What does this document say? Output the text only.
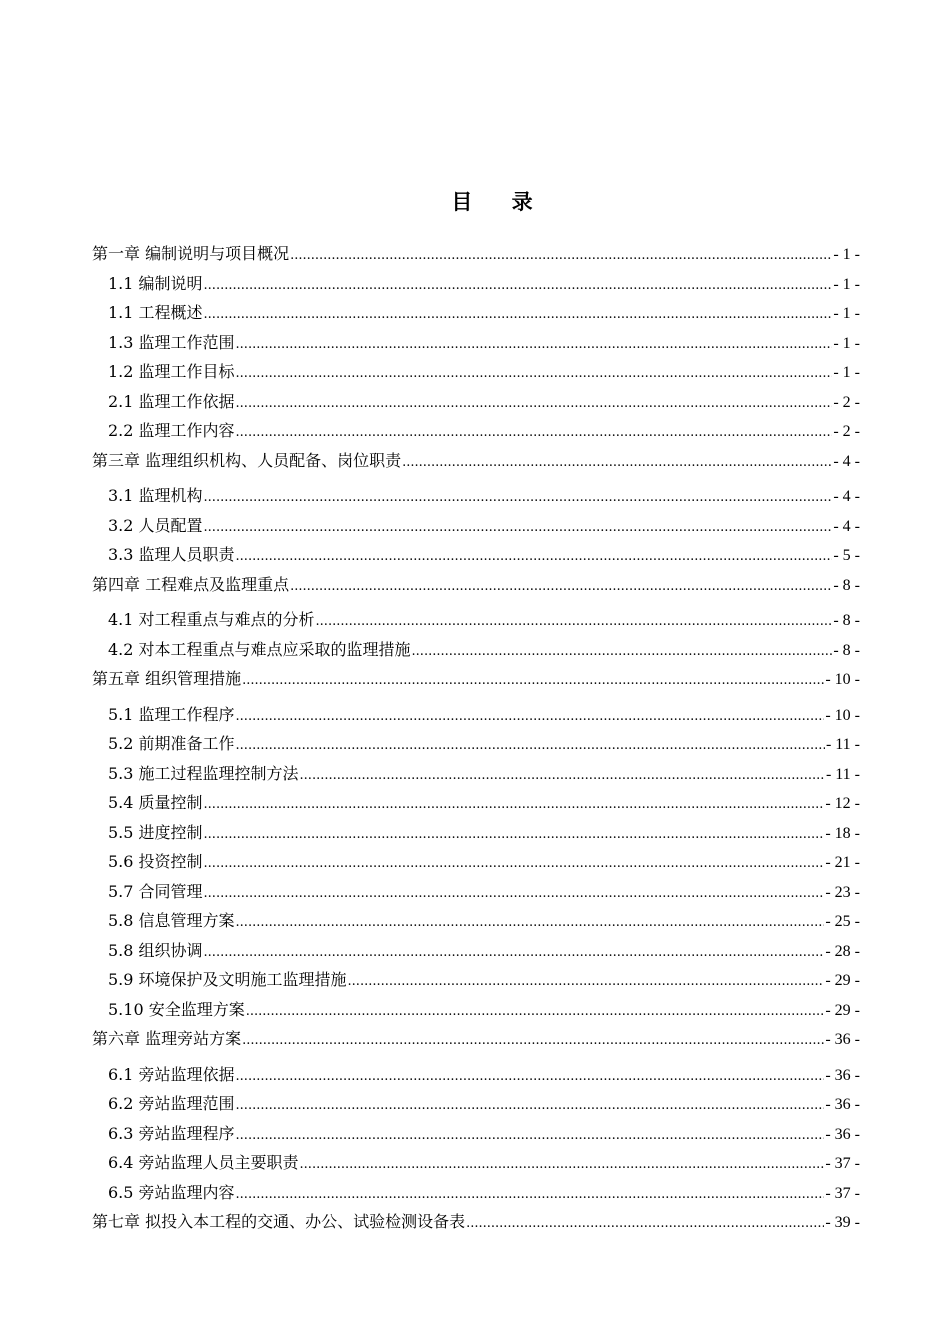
目 录
第一章 编制说明与项目概况 .....	- 1 -
1.1 编制说明 .....	- 1 -
1.1 工程概述 .....	- 1 -
1.3 监理工作范围 .....	- 1 -
1.2 监理工作目标 .....	- 1 -
2.1 监理工作依据 .....	- 2 -
2.2 监理工作内容 .....	- 2 -
第三章 监理组织机构、人员配备、岗位职责 .....	- 4 -
3.1 监理机构 .....	- 4 -
3.2 人员配置 .....	- 4 -
3.3 监理人员职责 .....	- 5 -
第四章 工程难点及监理重点 .....	- 8 -
4.1 对工程重点与难点的分析 .....	- 8 -
4.2 对本工程重点与难点应采取的监理措施 .....	- 8 -
第五章 组织管理措施 .....	- 10 -
5.1 监理工作程序 .....	- 10 -
5.2 前期准备工作 .....	- 11 -
5.3 施工过程监理控制方法 .....	- 11 -
5.4 质量控制 .....	- 12 -
5.5 进度控制 .....	- 18 -
5.6 投资控制 .....	- 21 -
5.7 合同管理 .....	- 23 -
5.8 信息管理方案 .....	- 25 -
5.8 组织协调 .....	- 28 -
5.9 环境保护及文明施工监理措施 .....	- 29 -
5.10 安全监理方案 .....	- 29 -
第六章 监理旁站方案 .....	- 36 -
6.1 旁站监理依据 .....	- 36 -
6.2 旁站监理范围 .....	- 36 -
6.3 旁站监理程序 .....	- 36 -
6.4 旁站监理人员主要职责 .....	- 37 -
6.5 旁站监理内容 .....	- 37 -
第七章 拟投入本工程的交通、办公、试验检测设备表 .....	- 39 -
